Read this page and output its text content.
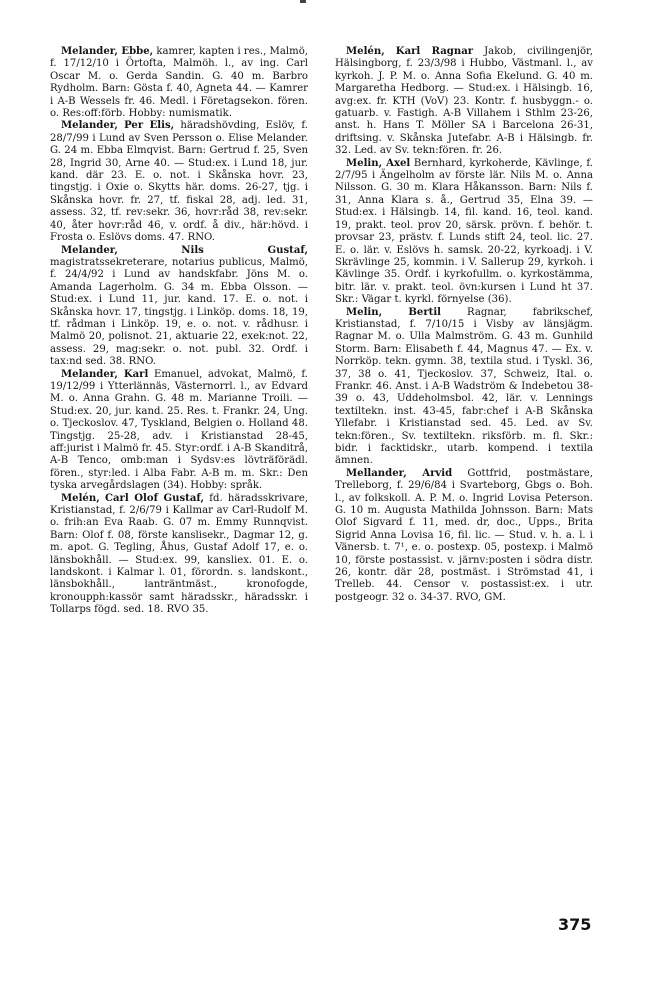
Melander, Ebbe, kamrer, kapten i res., Malmö, f. 17/12/10 i Örtofta, Malmöh. l., av ing. Carl Oscar M. o. Gerda Sandin. G. 40 m. Barbro Rydholm. Barn: Gösta f. 40, Agneta 44. — Kamrer i A-B Wessels fr. 46. Medl. i Företagsekon. fören. o. Res:off:förb. Hobby: numismatik.

Melander, Per Elis, häradshövding, Eslöv, f. 28/7/99 i Lund av Sven Persson o. Elise Melander. G. 24 m. Ebba Elmqvist. Barn: Gertrud f. 25, Sven 28, Ingrid 30, Arne 40. — Stud:ex. i Lund 18, jur. kand. där 23. E. o. not. i Skånska hovr. 23, tingstjg. i Oxie o. Skytts här. doms. 26-27, tjg. i Skånska hovr. fr. 27, tf. fiskal 28, adj. led. 31, assess. 32, tf. rev:sekr. 36, hovr:råd 38, rev:sekr. 40, åter hovr:råd 46, v. ordf. å div., här:hövd. i Frosta o. Eslövs doms. 47. RNO.

Melander,	Nils Gustaf, magistratssekreterare, notarius publicus, Malmö, f. 24/4/92 i Lund av handskfabr. Jöns M. o. Amanda Lagerholm. G. 34 m. Ebba Olsson. — Stud:ex. i Lund 11, jur. kand. 17. E. o. not. i Skånska hovr. 17, tingstjg. i Linköp. doms. 18, 19, tf. rådman i Linköp. 19, e. o. not. v. rådhusr. i Malmö 20, polisnot. 21, aktuarie 22, exek:not. 22, assess. 29, mag:sekr. o. not. publ. 32. Ordf. i tax:nd sed. 38. RNO.

Melander, Karl Emanuel, advokat, Malmö, f. 19/12/99 i Ytterlännäs, Västernorrl. l., av Edvard M. o. Anna Grahn. G. 48 m. Marianne Troili. — Stud:ex. 20, jur. kand. 25. Res. t. Frankr. 24, Ung. o. Tjeckoslov. 47, Tyskland, Belgien o. Holland 48. Tingstjg. 25-28, adv. i Kristianstad 28-45, aff:jurist i Malmö fr. 45. Styr:ordf. i A-B Skanditrå, A-B Tenco, omb:man i Sydsv:es lövträförädl. fören., styr:led. i Alba Fabr. A-B m. m. Skr.: Den tyska arvegårdslagen (34). Hobby: språk.

Melén, Carl Olof Gustaf, fd. häradsskrivare, Kristianstad, f. 2/6/79 i Kallmar av Carl-Rudolf M. o. frih:an Eva Raab. G. 07 m. Emmy Runnqvist. Barn: Olof f. 08, förste kanslisekr., Dagmar 12, g. m. apot. G. Tegling, Åhus, Gustaf Adolf 17, e. o. länsbokhåll. — Stud:ex. 99, kansliex. 01. E. o. landskont. i Kalmar l. 01, förordn. s. landskont., länsbokhåll., lanträntmäst., kronofogde, kronoupph:kassör samt häradsskr., häradsskr. i Tollarps fögd. sed. 18. RVO 35.

Melén, Karl Ragnar Jakob, civilingenjör, Hälsingborg, f. 23/3/98 i Hubbo, Västmanl. l., av kyrkoh. J. P. M. o. Anna Sofia Ekelund. G. 40 m. Margaretha Hedborg. — Stud:ex. i Hälsingb. 16, avg:ex. fr. KTH (VoV) 23. Kontr. f. husbyggn.- o. gatuarb. v. Fastigh. A-B Villahem i Sthlm 23-26, anst. h. Hans T. Möller SA i Barcelona 26-31, driftsing. v. Skånska Jutefabr. A-B i Hälsingb. fr. 32. Led. av Sv. tekn:fören. fr. 26.

Melin, Axel Bernhard, kyrkoherde, Kävlinge, f. 2/7/95 i Ängelholm av förste lär. Nils M. o. Anna Nilsson. G. 30 m. Klara Håkansson. Barn: Nils f. 31, Anna Klara s. å., Gertrud 35, Elna 39. — Stud:ex. i Hälsingb. 14, fil. kand. 16, teol. kand. 19, prakt. teol. prov 20, särsk. prövn. f. behör. t. provsar 23, prästv. f. Lunds stift 24, teol. lic. 27. E. o. lär. v. Eslövs h. samsk. 20-22, kyrkoadj. i V. Skrävlinge 25, kommin. i V. Sallerup 29, kyrkoh. i Kävlinge 35. Ordf. i kyrkofullm. o. kyrkostämma, bitr. lär. v. prakt. teol. övn:kursen i Lund ht 37. Skr.: Vägar t. kyrkl. förnyelse (36).

Melin, Bertil Ragnar, fabrikschef, Kristianstad, f. 7/10/15 i Visby av länsjägm. Ragnar M. o. Ulla Malmström. G. 43 m. Gunhild Storm. Barn: Elisabeth f. 44, Magnus 47. — Ex. v. Norrköp. tekn. gymn. 38, textila stud. i Tyskl. 36, 37, 38 o. 41, Tjeckoslov. 37, Schweiz, Ital. o. Frankr. 46. Anst. i A-B Wadström & Indebetou 38-39 o. 43, Uddeholmsbol. 42, lär. v. Lennings textiltekn. inst. 43-45, fabr:chef i A-B Skånska Yllefabr. i Kristianstad sed. 45. Led. av Sv. tekn:fören., Sv. textiltekn. riksförb. m. fl. Skr.: bidr. i facktidskr., utarb. kompend. i textila ämnen.

Mellander, Arvid Gottfrid, postmästare, Trelleborg, f. 29/6/84 i Svarteborg, Gbgs o. Boh. l., av folkskoll. A. P. M. o. Ingrid Lovisa Peterson. G. 10 m. Augusta Mathilda Johnsson. Barn: Mats Olof Sigvard f. 11, med. dr, doc., Upps., Brita Sigrid Anna Lovisa 16, fil. lic. — Stud. v. h. a. l. i Vänersb. t. 7¹, e. o. postexp. 05, postexp. i Malmö 10, förste postassist. v. järnv:posten i södra distr. 26, kontr. där 28, postmäst. i Strömstad 41, i Trelleb. 44. Censor v. postassist:ex. i utr. postgeogr. 32 o. 34-37. RVO, GM.

375
